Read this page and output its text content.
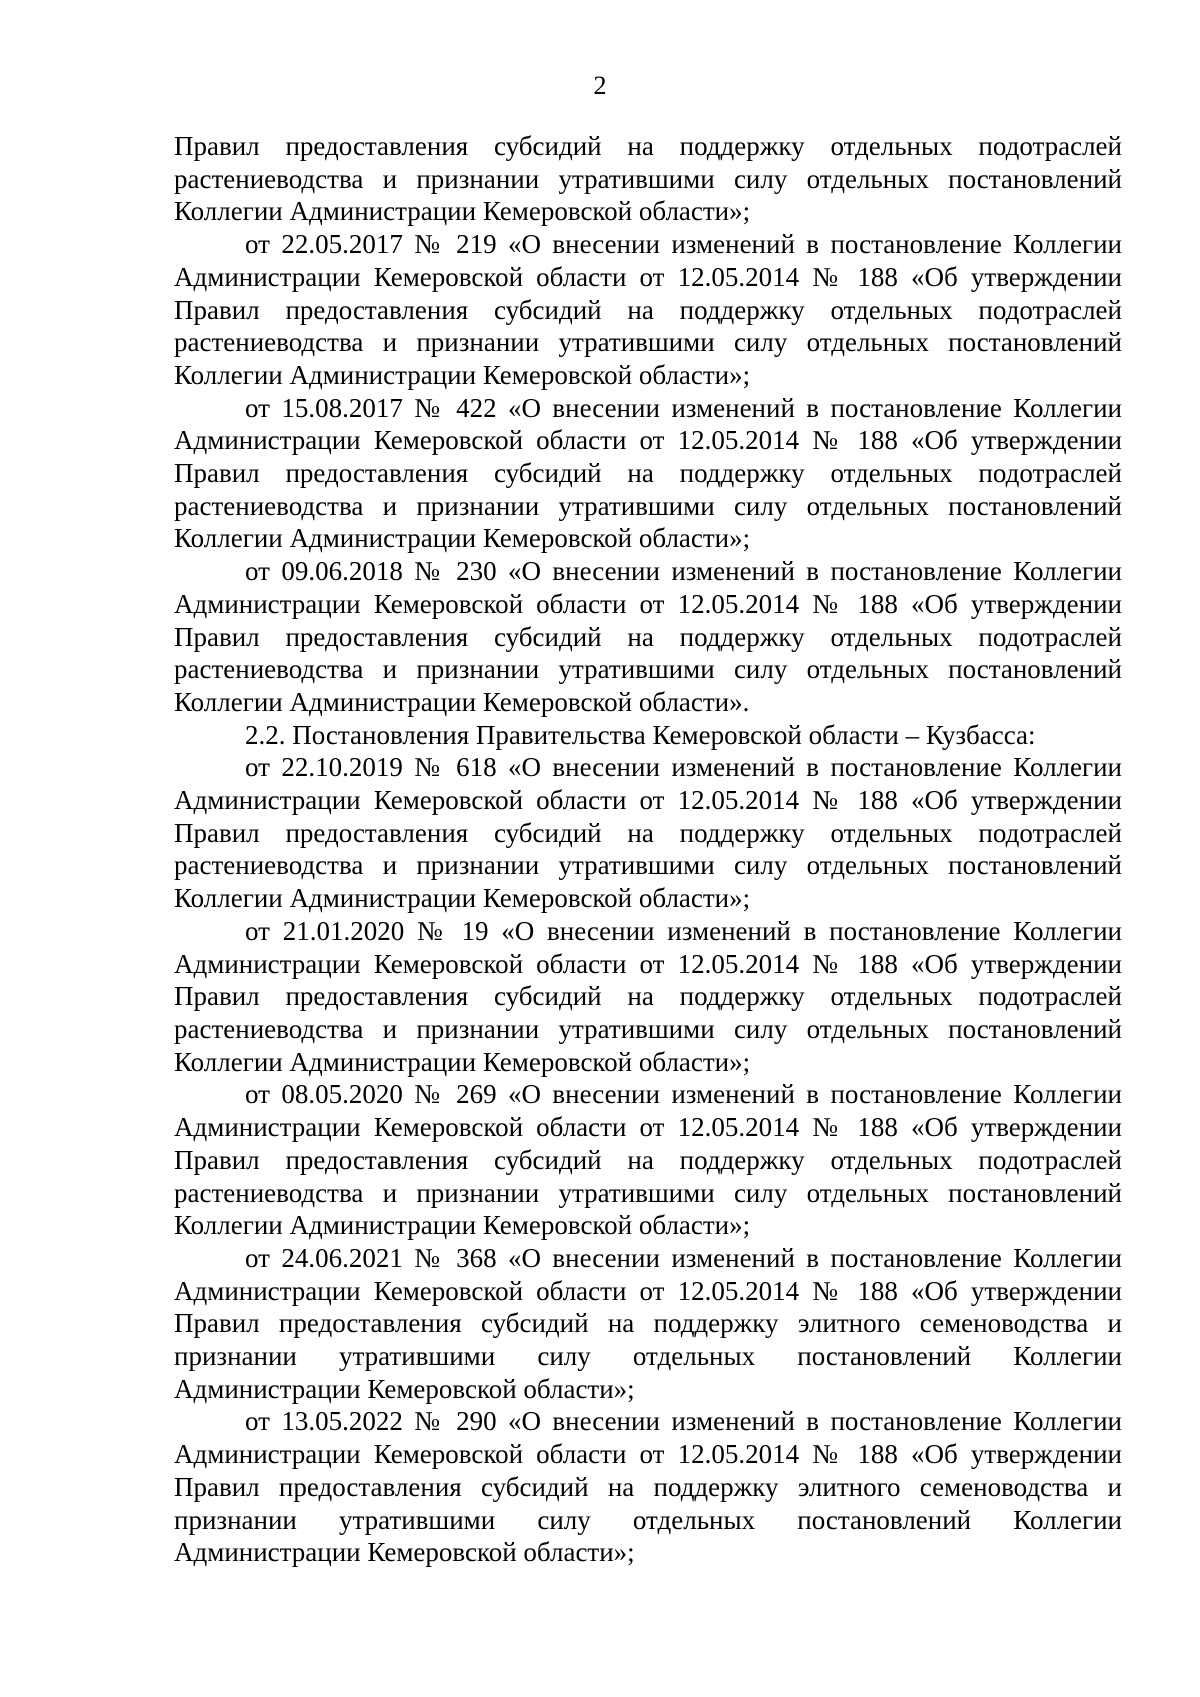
2

Правил предоставления субсидий на поддержку отдельных подотраслей растениеводства и признании утратившими силу отдельных постановлений Коллегии Администрации Кемеровской области»;

от 22.05.2017 № 219 «О внесении изменений в постановление Коллегии Администрации Кемеровской области от 12.05.2014 № 188 «Об утверждении Правил предоставления субсидий на поддержку отдельных подотраслей растениеводства и признании утратившими силу отдельных постановлений Коллегии Администрации Кемеровской области»;

от 15.08.2017 № 422 «О внесении изменений в постановление Коллегии Администрации Кемеровской области от 12.05.2014 № 188 «Об утверждении Правил предоставления субсидий на поддержку отдельных подотраслей растениеводства и признании утратившими силу отдельных постановлений Коллегии Администрации Кемеровской области»;

от 09.06.2018 № 230 «О внесении изменений в постановление Коллегии Администрации Кемеровской области от 12.05.2014 № 188 «Об утверждении Правил предоставления субсидий на поддержку отдельных подотраслей растениеводства и признании утратившими силу отдельных постановлений Коллегии Администрации Кемеровской области».

2.2. Постановления Правительства Кемеровской области – Кузбасса:

от 22.10.2019 № 618 «О внесении изменений в постановление Коллегии Администрации Кемеровской области от 12.05.2014 № 188 «Об утверждении Правил предоставления субсидий на поддержку отдельных подотраслей растениеводства и признании утратившими силу отдельных постановлений Коллегии Администрации Кемеровской области»;

от 21.01.2020 № 19 «О внесении изменений в постановление Коллегии Администрации Кемеровской области от 12.05.2014 № 188 «Об утверждении Правил предоставления субсидий на поддержку отдельных подотраслей растениеводства и признании утратившими силу отдельных постановлений Коллегии Администрации Кемеровской области»;

от 08.05.2020 № 269 «О внесении изменений в постановление Коллегии Администрации Кемеровской области от 12.05.2014 № 188 «Об утверждении Правил предоставления субсидий на поддержку отдельных подотраслей растениеводства и признании утратившими силу отдельных постановлений Коллегии Администрации Кемеровской области»;

от 24.06.2021 № 368 «О внесении изменений в постановление Коллегии Администрации Кемеровской области от 12.05.2014 № 188 «Об утверждении Правил предоставления субсидий на поддержку элитного семеноводства и признании утратившими силу отдельных постановлений Коллегии Администрации Кемеровской области»;

от 13.05.2022 № 290 «О внесении изменений в постановление Коллегии Администрации Кемеровской области от 12.05.2014 № 188 «Об утверждении Правил предоставления субсидий на поддержку элитного семеноводства и признании утратившими силу отдельных постановлений Коллегии Администрации Кемеровской области»;
